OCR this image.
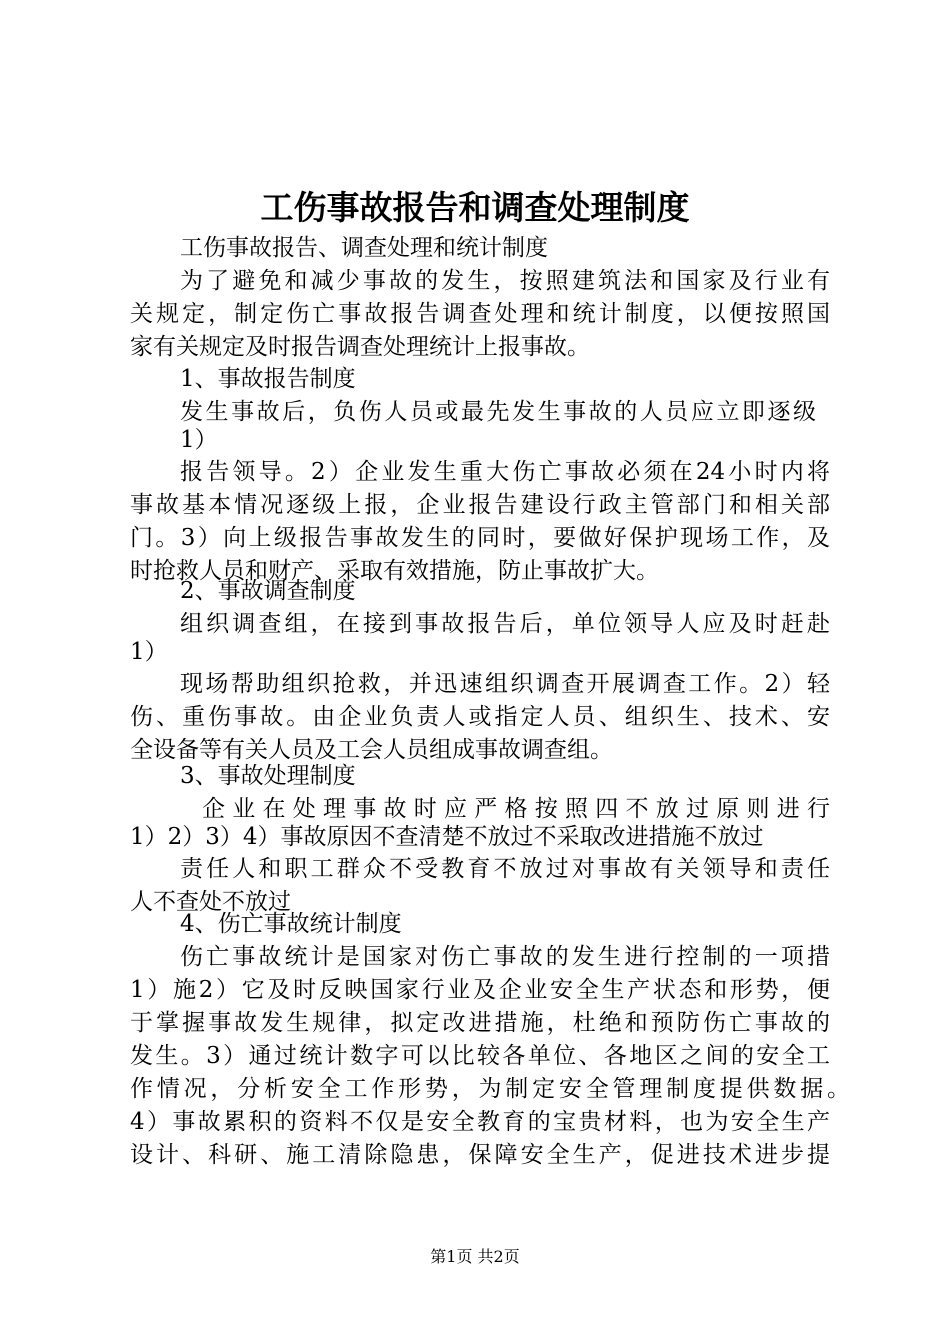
工伤事故报告和调查处理制度
工伤事故报告、调查处理和统计制度
为了避免和减少事故的发生，按照建筑法和国家及行业有
关规定，制定伤亡事故报告调查处理和统计制度，以便按照国
家有关规定及时报告调查处理统计上报事故。
1、事故报告制度
发生事故后，负伤人员或最先发生事故的人员应立即逐级
1）
报告领导。2）企业发生重大伤亡事故必须在24小时内将
事故基本情况逐级上报，企业报告建设行政主管部门和相关部
门。3）向上级报告事故发生的同时，要做好保护现场工作，及
时抢救人员和财产、采取有效措施，防止事故扩大。
2、事故调查制度
组织调查组，在接到事故报告后，单位领导人应及时赶赴
1）
现场帮助组织抢救，并迅速组织调查开展调查工作。2）轻
伤、重伤事故。由企业负责人或指定人员、组织生、技术、安
全设备等有关人员及工会人员组成事故调查组。
3、事故处理制度
企业在处理事故时应严格按照四不放过原则进行
1）2）3）4）事故原因不查清楚不放过不采取改进措施不放过
责任人和职工群众不受教育不放过对事故有关领导和责任
人不查处不放过
4、伤亡事故统计制度
伤亡事故统计是国家对伤亡事故的发生进行控制的一项措
1）施2）它及时反映国家行业及企业安全生产状态和形势，便
于掌握事故发生规律，拟定改进措施，杜绝和预防伤亡事故的
发生。3）通过统计数字可以比较各单位、各地区之间的安全工
作情况，分析安全工作形势，为制定安全管理制度提供数据。
4）事故累积的资料不仅是安全教育的宝贵材料，也为安全生产
设计、科研、施工清除隐患，保障安全生产，促进技术进步提
第1页 共2页
